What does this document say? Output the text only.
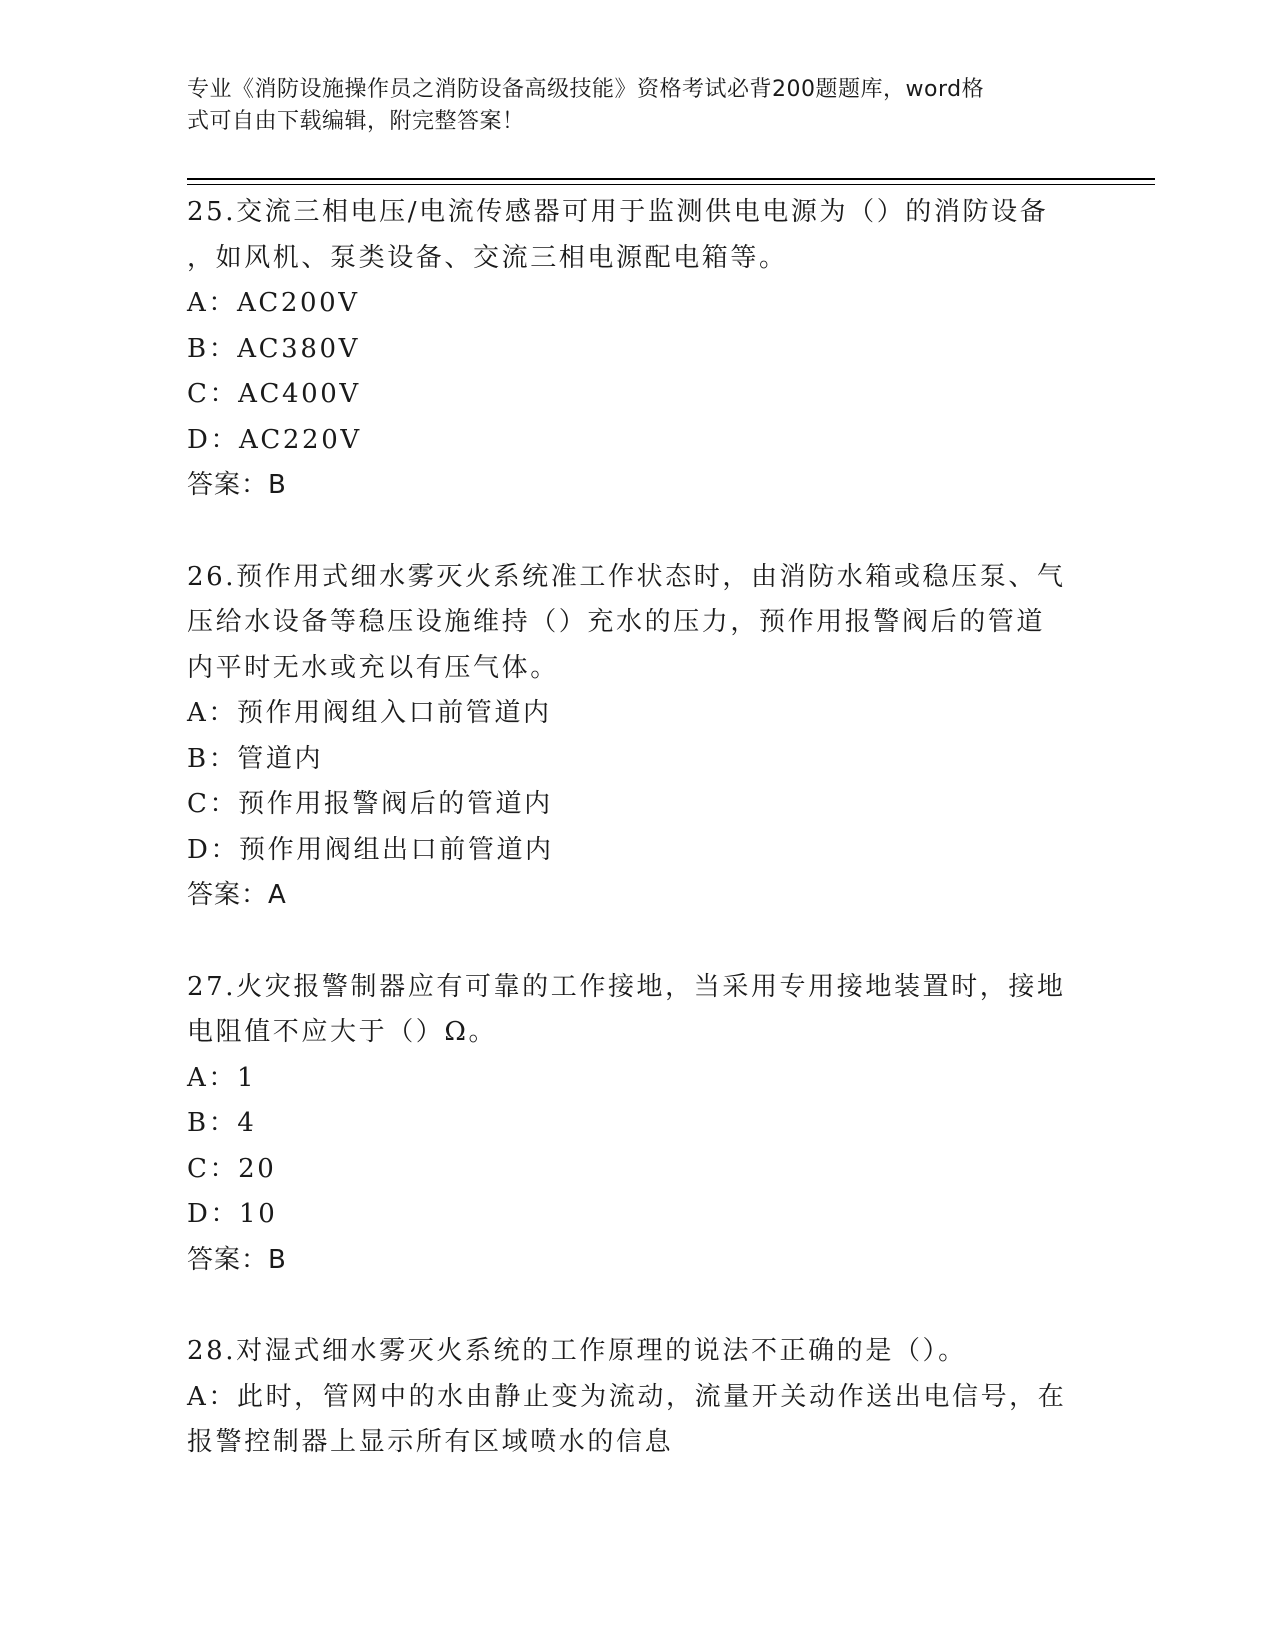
专业《消防设施操作员之消防设备高级技能》资格考试必背200题题库，word格
式可自由下载编辑，附完整答案！
25.交流三相电压/电流传感器可用于监测供电电源为（）的消防设备
，如风机、泵类设备、交流三相电源配电箱等。
A：AC200V
B：AC380V
C：AC400V
D：AC220V
答案：B
26.预作用式细水雾灭火系统准工作状态时，由消防水箱或稳压泵、气
压给水设备等稳压设施维持（）充水的压力，预作用报警阀后的管道
内平时无水或充以有压气体。
A：预作用阀组入口前管道内
B：管道内
C：预作用报警阀后的管道内
D：预作用阀组出口前管道内
答案：A
27.火灾报警制器应有可靠的工作接地，当采用专用接地装置时，接地
电阻值不应大于（）Ω。
A：1
B：4
C：20
D：10
答案：B
28.对湿式细水雾灭火系统的工作原理的说法不正确的是（）。
A：此时，管网中的水由静止变为流动，流量开关动作送出电信号，在
报警控制器上显示所有区域喷水的信息
